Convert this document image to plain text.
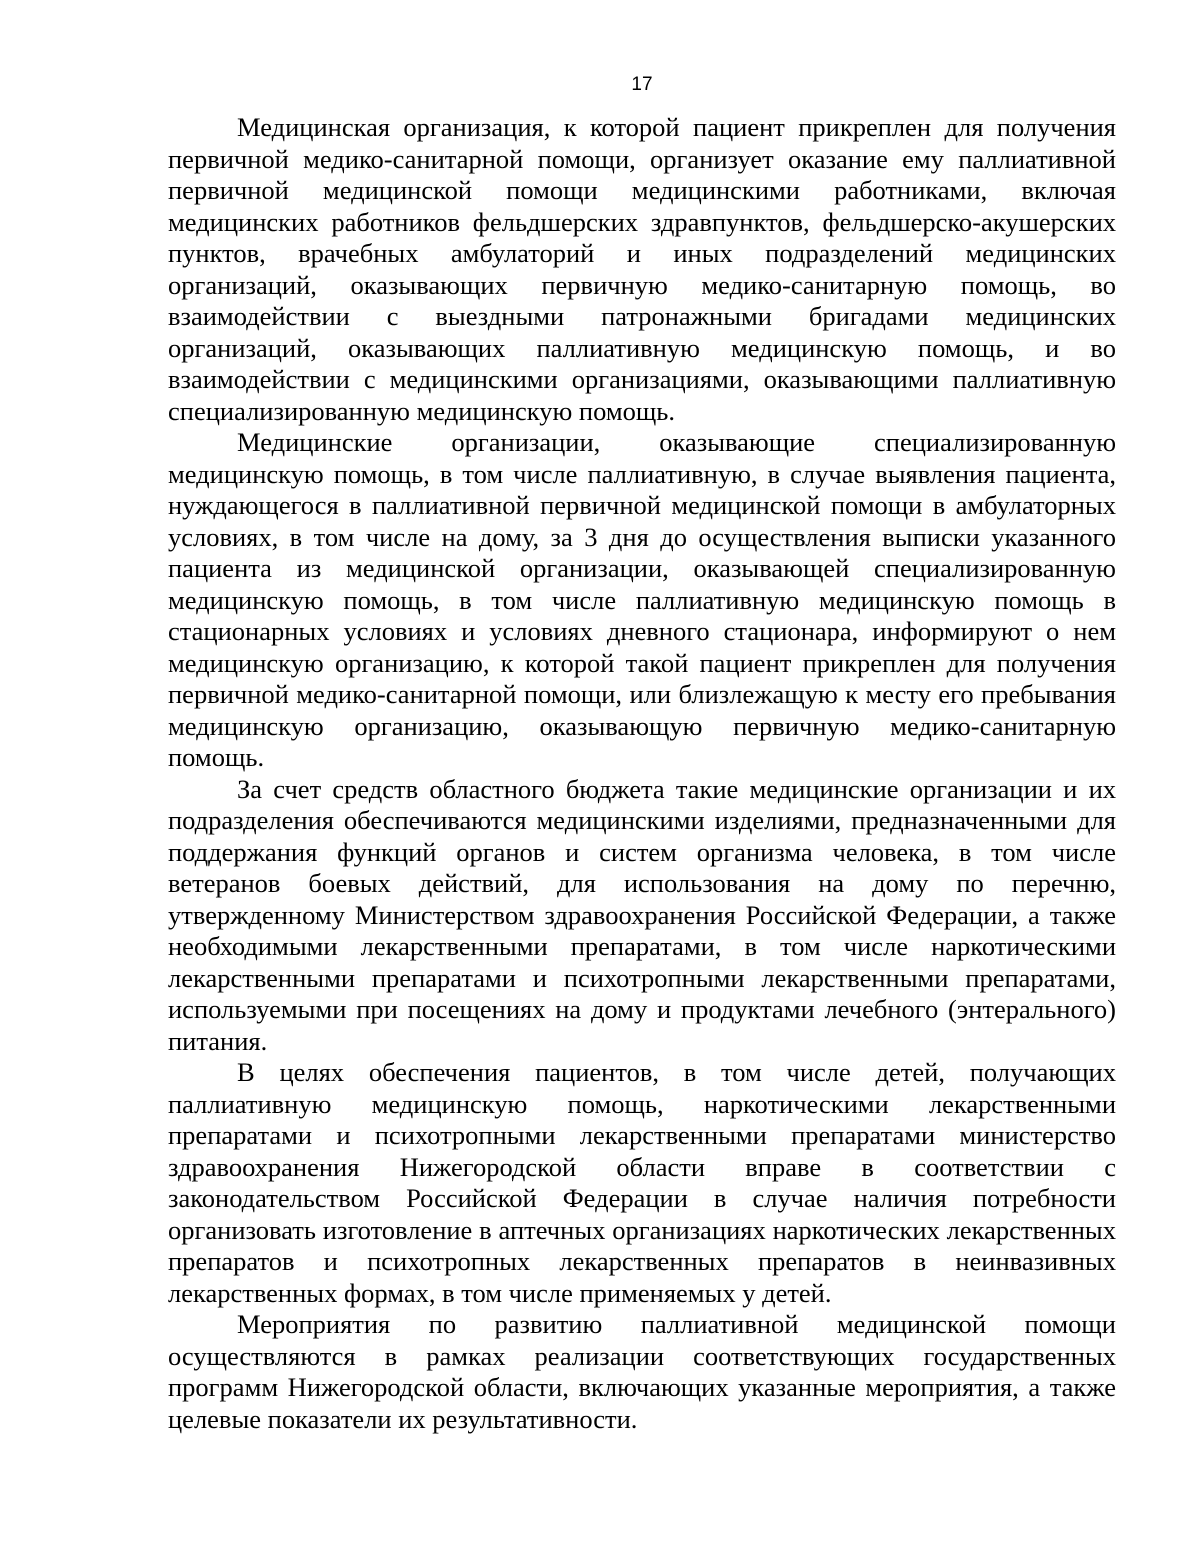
17

Медицинская организация, к которой пациент прикреплен для получения первичной медико-санитарной помощи, организует оказание ему паллиативной первичной медицинской помощи медицинскими работниками, включая медицинских работников фельдшерских здравпунктов, фельдшерско-акушерских пунктов, врачебных амбулаторий и иных подразделений медицинских организаций, оказывающих первичную медико-санитарную помощь, во взаимодействии с выездными патронажными бригадами медицинских организаций, оказывающих паллиативную медицинскую помощь, и во взаимодействии с медицинскими организациями, оказывающими паллиативную специализированную медицинскую помощь.

Медицинские организации, оказывающие специализированную медицинскую помощь, в том числе паллиативную, в случае выявления пациента, нуждающегося в паллиативной первичной медицинской помощи в амбулаторных условиях, в том числе на дому, за 3 дня до осуществления выписки указанного пациента из медицинской организации, оказывающей специализированную медицинскую помощь, в том числе паллиативную медицинскую помощь в стационарных условиях и условиях дневного стационара, информируют о нем медицинскую организацию, к которой такой пациент прикреплен для получения первичной медико-санитарной помощи, или близлежащую к месту его пребывания медицинскую организацию, оказывающую первичную медико-санитарную помощь.

За счет средств областного бюджета такие медицинские организации и их подразделения обеспечиваются медицинскими изделиями, предназначенными для поддержания функций органов и систем организма человека, в том числе ветеранов боевых действий, для использования на дому по перечню, утвержденному Министерством здравоохранения Российской Федерации, а также необходимыми лекарственными препаратами, в том числе наркотическими лекарственными препаратами и психотропными лекарственными препаратами, используемыми при посещениях на дому и продуктами лечебного (энтерального) питания.

В целях обеспечения пациентов, в том числе детей, получающих паллиативную медицинскую помощь, наркотическими лекарственными препаратами и психотропными лекарственными препаратами министерство здравоохранения Нижегородской области вправе в соответствии с законодательством Российской Федерации в случае наличия потребности организовать изготовление в аптечных организациях наркотических лекарственных препаратов и психотропных лекарственных препаратов в неинвазивных лекарственных формах, в том числе применяемых у детей.

Мероприятия по развитию паллиативной медицинской помощи осуществляются в рамках реализации соответствующих государственных программ Нижегородской области, включающих указанные мероприятия, а также целевые показатели их результативности.
